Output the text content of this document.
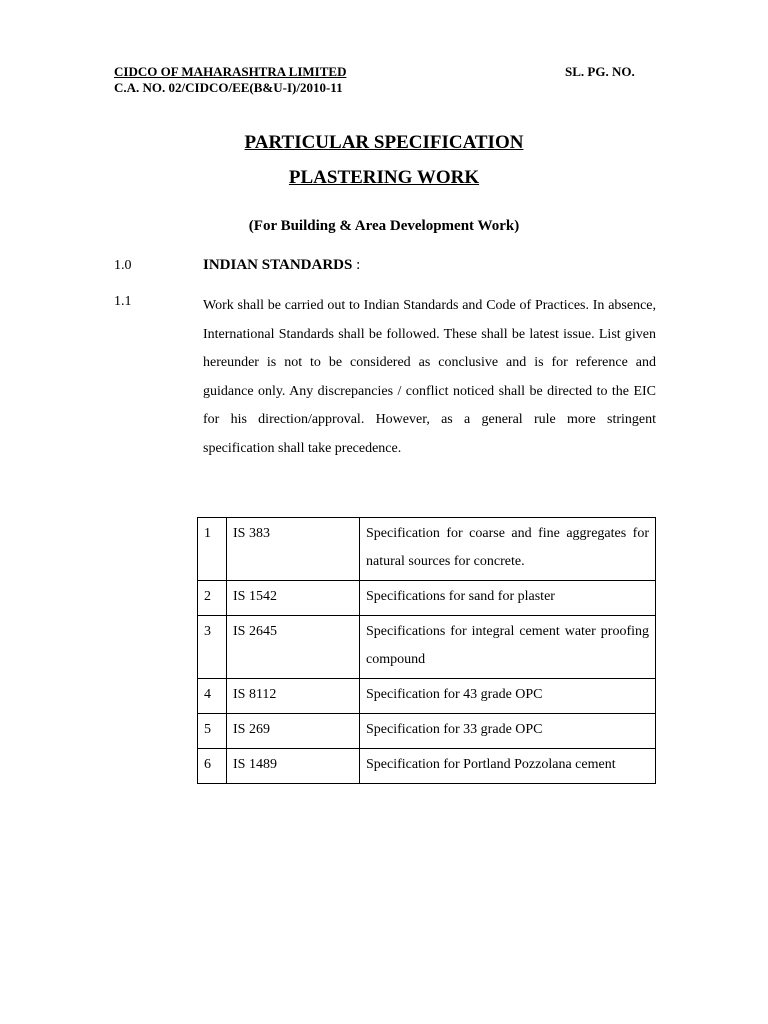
CIDCO OF MAHARASHTRA LIMITED
C.A. NO. 02/CIDCO/EE(B&U-I)/2010-11
SL. PG. NO.
PARTICULAR SPECIFICATION
PLASTERING WORK
(For Building & Area Development Work)
1.0	INDIAN STANDARDS :
1.1	Work shall be carried out to Indian Standards and Code of Practices. In absence, International Standards shall be followed. These shall be latest issue. List given hereunder is not to be considered as conclusive and is for reference and guidance only. Any discrepancies / conflict noticed shall be directed to the EIC for his direction/approval. However, as a general rule more stringent specification shall take precedence.

1	IS 383	Specification for coarse and fine aggregates for natural sources for concrete.
2	IS 1542	Specifications for sand for plaster
3	IS 2645	Specifications for integral cement water proofing compound
4	IS 8112	Specification for 43 grade OPC
5	IS 269	Specification for 33 grade OPC
6	IS 1489	Specification for Portland Pozzolana cement
